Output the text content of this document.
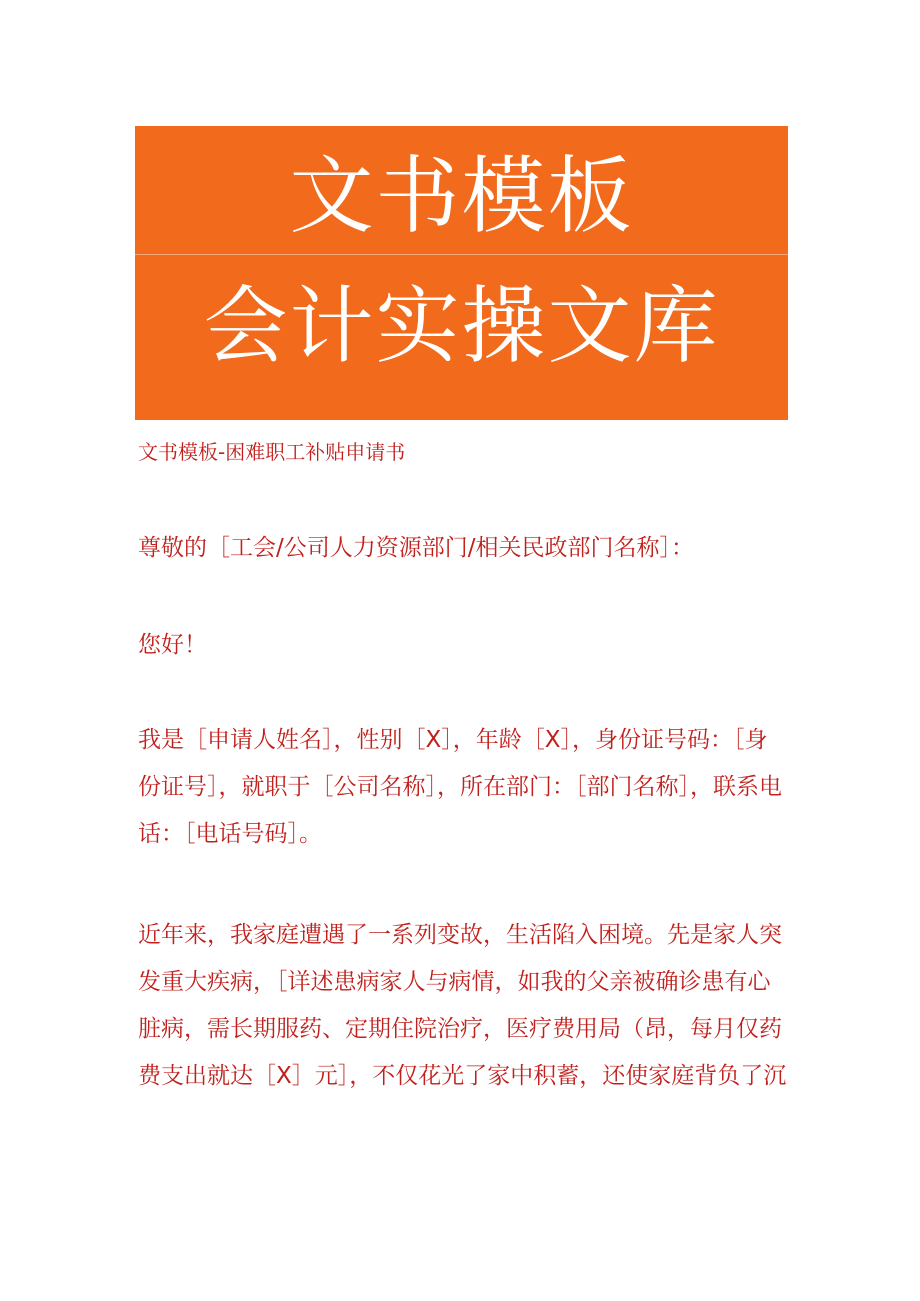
文书模板
会计实操文库
文书模板-困难职工补贴申请书
尊敬的［工会/公司人力资源部门/相关民政部门名称］：
您好！
我是［申请人姓名］，性别［X］，年龄［X］，身份证号码：［身
份证号］，就职于［公司名称］，所在部门：［部门名称］，联系电
话：［电话号码］。
近年来，我家庭遭遇了一系列变故，生活陷入困境。先是家人突
发重大疾病，［详述患病家人与病情，如我的父亲被确诊患有心
脏病，需长期服药、定期住院治疗，医疗费用局（昂，每月仅药
费支出就达［X］元］，不仅花光了家中积蓄，还使家庭背负了沉
